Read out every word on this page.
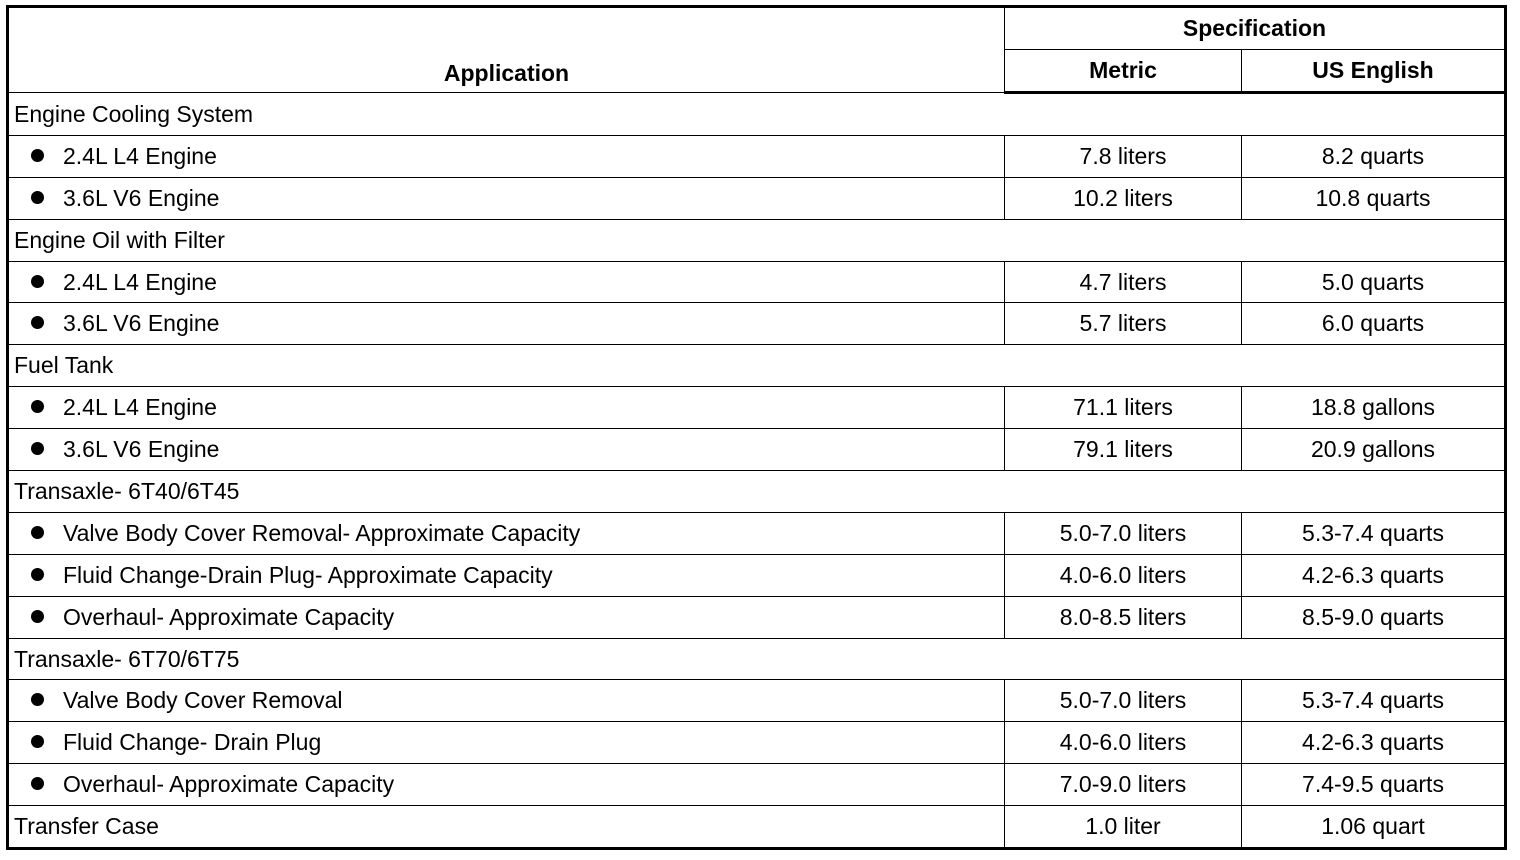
Application	Specification	
	Metric	US English
Engine Cooling System		
2.4L L4 Engine	7.8 liters	8.2 quarts
3.6L V6 Engine	10.2 liters	10.8 quarts
Engine Oil with Filter		
2.4L L4 Engine	4.7 liters	5.0 quarts
3.6L V6 Engine	5.7 liters	6.0 quarts
Fuel Tank		
2.4L L4 Engine	71.1 liters	18.8 gallons
3.6L V6 Engine	79.1 liters	20.9 gallons
Transaxle- 6T40/6T45		
Valve Body Cover Removal- Approximate Capacity	5.0-7.0 liters	5.3-7.4 quarts
Fluid Change-Drain Plug- Approximate Capacity	4.0-6.0 liters	4.2-6.3 quarts
Overhaul- Approximate Capacity	8.0-8.5 liters	8.5-9.0 quarts
Transaxle- 6T70/6T75		
Valve Body Cover Removal	5.0-7.0 liters	5.3-7.4 quarts
Fluid Change- Drain Plug	4.0-6.0 liters	4.2-6.3 quarts
Overhaul- Approximate Capacity	7.0-9.0 liters	7.4-9.5 quarts
Transfer Case	1.0 liter	1.06 quart
